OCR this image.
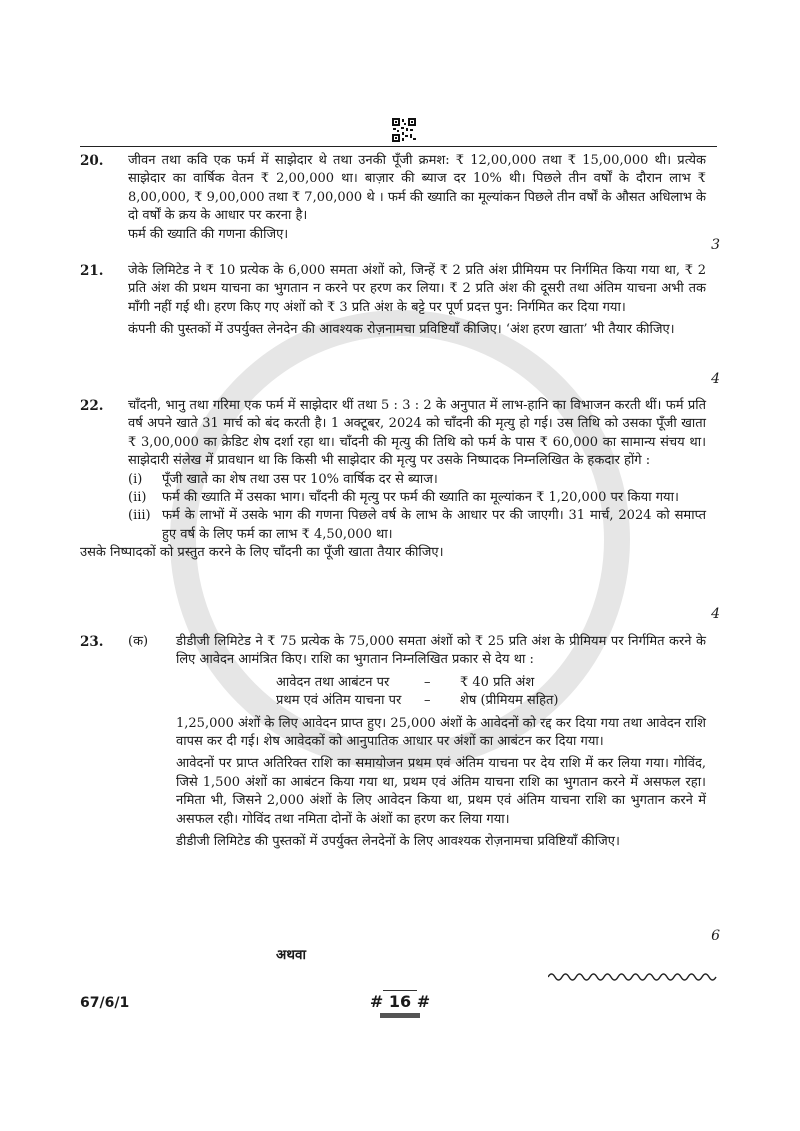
20. जीवन तथा कवि एक फर्म में साझेदार थे तथा उनकी पूँजी क्रमश: ₹ 12,00,000 तथा ₹ 15,00,000 थी। प्रत्येक साझेदार का वार्षिक वेतन ₹ 2,00,000 था। बाज़ार की ब्याज दर 10% थी। पिछले तीन वर्षों के दौरान लाभ ₹ 8,00,000, ₹ 9,00,000 तथा ₹ 7,00,000 थे । फर्म की ख्याति का मूल्यांकन पिछले तीन वर्षों के औसत अधिलाभ के दो वर्षों के क्रय के आधार पर करना है।

फर्म की ख्याति की गणना कीजिए।

3
21. जेके लिमिटेड ने ₹ 10 प्रत्येक के 6,000 समता अंशों को, जिन्हें ₹ 2 प्रति अंश प्रीमियम पर निर्गमित किया गया था, ₹ 2 प्रति अंश की प्रथम याचना का भुगतान न करने पर हरण कर लिया। ₹ 2 प्रति अंश की दूसरी तथा अंतिम याचना अभी तक माँगी नहीं गई थी। हरण किए गए अंशों को ₹ 3 प्रति अंश के बट्टे पर पूर्ण प्रदत्त पुन: निर्गमित कर दिया गया।

कंपनी की पुस्तकों में उपर्युक्त लेनदेन की आवश्यक रोज़नामचा प्रविष्टियाँ कीजिए। ‘अंश हरण खाता’ भी तैयार कीजिए।

4
22. चाँदनी, भानु तथा गरिमा एक फर्म में साझेदार थीं तथा 5 : 3 : 2 के अनुपात में लाभ-हानि का विभाजन करती थीं। फर्म प्रति वर्ष अपने खाते 31 मार्च को बंद करती है। 1 अक्टूबर, 2024 को चाँदनी की मृत्यु हो गई। उस तिथि को उसका पूँजी खाता ₹ 3,00,000 का क्रेडिट शेष दर्शा रहा था। चाँदनी की मृत्यु की तिथि को फर्म के पास ₹ 60,000 का सामान्य संचय था। साझेदारी संलेख में प्रावधान था कि किसी भी साझेदार की मृत्यु पर उसके निष्पादक निम्नलिखित के हकदार होंगे :

(i) पूँजी खाते का शेष तथा उस पर 10% वार्षिक दर से ब्याज।
(ii) फर्म की ख्याति में उसका भाग। चाँदनी की मृत्यु पर फर्म की ख्याति का मूल्यांकन ₹ 1,20,000 पर किया गया।
(iii) फर्म के लाभों में उसके भाग की गणना पिछले वर्ष के लाभ के आधार पर की जाएगी। 31 मार्च, 2024 को समाप्त हुए वर्ष के लिए फर्म का लाभ ₹ 4,50,000 था।

उसके निष्पादकों को प्रस्तुत करने के लिए चाँदनी का पूँजी खाता तैयार कीजिए।

4
23. (क) डीडीजी लिमिटेड ने ₹ 75 प्रत्येक के 75,000 समता अंशों को ₹ 25 प्रति अंश के प्रीमियम पर निर्गमित करने के लिए आवेदन आमंत्रित किए। राशि का भुगतान निम्नलिखित प्रकार से देय था :

आवेदन तथा आबंटन पर	–	₹ 40 प्रति अंश
प्रथम एवं अंतिम याचना पर	–	शेष (प्रीमियम सहित)

1,25,000 अंशों के लिए आवेदन प्राप्त हुए। 25,000 अंशों के आवेदनों को रद्द कर दिया गया तथा आवेदन राशि वापस कर दी गई। शेष आवेदकों को आनुपातिक आधार पर अंशों का आबंटन कर दिया गया।

आवेदनों पर प्राप्त अतिरिक्त राशि का समायोजन प्रथम एवं अंतिम याचना पर देय राशि में कर लिया गया। गोविंद, जिसे 1,500 अंशों का आबंटन किया गया था, प्रथम एवं अंतिम याचना राशि का भुगतान करने में असफल रहा। नमिता भी, जिसने 2,000 अंशों के लिए आवेदन किया था, प्रथम एवं अंतिम याचना राशि का भुगतान करने में असफल रही। गोविंद तथा नमिता दोनों के अंशों का हरण कर लिया गया।

डीडीजी लिमिटेड की पुस्तकों में उपर्युक्त लेनदेनों के लिए आवश्यक रोज़नामचा प्रविष्टियाँ कीजिए।

6
अथवा
67/6/1	# 16 #
